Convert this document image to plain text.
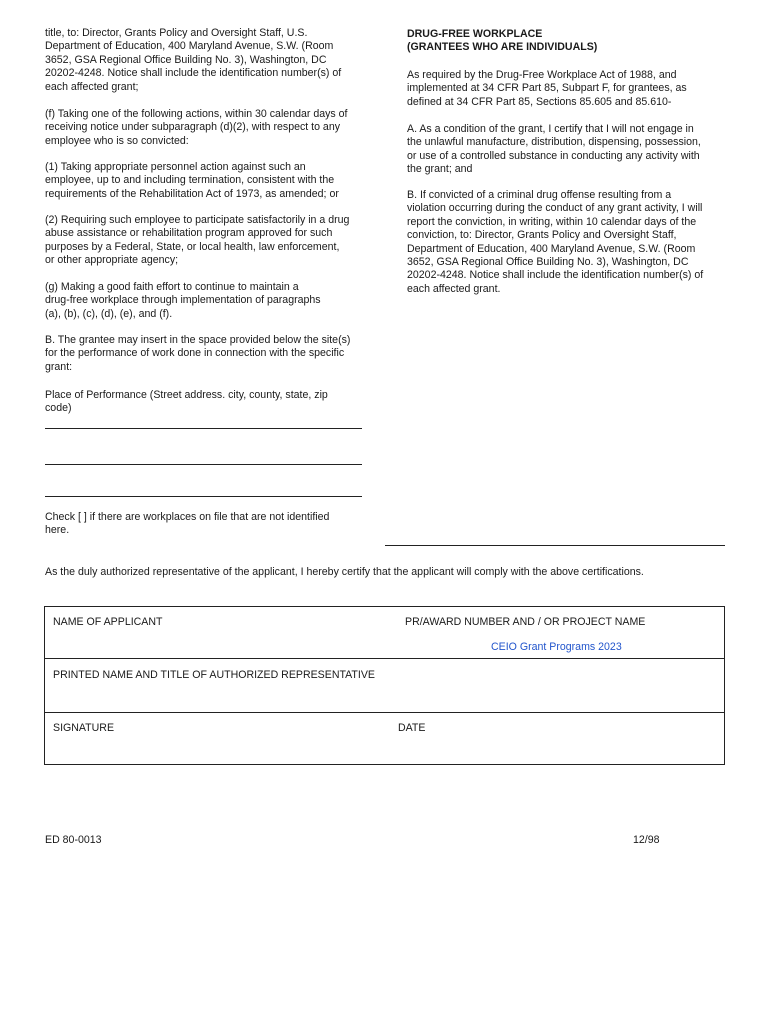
title, to: Director, Grants Policy and Oversight Staff, U.S.
Department of Education, 400 Maryland Avenue, S.W. (Room
3652, GSA Regional Office Building No. 3), Washington, DC
20202-4248. Notice shall include the identification number(s) of
each affected grant;

(f) Taking one of the following actions, within 30 calendar days of
receiving notice under subparagraph (d)(2), with respect to any
employee who is so convicted:

(1) Taking appropriate personnel action against such an
employee, up to and including termination, consistent with the
requirements of the Rehabilitation Act of 1973, as amended; or

(2) Requiring such employee to participate satisfactorily in a drug
abuse assistance or rehabilitation program approved for such
purposes by a Federal, State, or local health, law enforcement,
or other appropriate agency;

(g) Making a good faith effort to continue to maintain a
drug-free workplace through implementation of paragraphs
(a), (b), (c), (d), (e), and (f).

B. The grantee may insert in the space provided below the site(s)
for the performance of work done in connection with the specific
grant:

Place of Performance (Street address. city, county, state, zip
code)

Check [ ] if there are workplaces on file that are not identified
here.

DRUG-FREE WORKPLACE
(GRANTEES WHO ARE INDIVIDUALS)

As required by the Drug-Free Workplace Act of 1988, and
implemented at 34 CFR Part 85, Subpart F, for grantees, as
defined at 34 CFR Part 85, Sections 85.605 and 85.610-

A. As a condition of the grant, I certify that I will not engage in
the unlawful manufacture, distribution, dispensing, possession,
or use of a controlled substance in conducting any activity with
the grant; and

B. If convicted of a criminal drug offense resulting from a
violation occurring during the conduct of any grant activity, I will
report the conviction, in writing, within 10 calendar days of the
conviction, to: Director, Grants Policy and Oversight Staff,
Department of Education, 400 Maryland Avenue, S.W. (Room
3652, GSA Regional Office Building No. 3), Washington, DC
20202-4248. Notice shall include the identification number(s) of
each affected grant.

As the duly authorized representative of the applicant, I hereby certify that the applicant will comply with the above certifications.
NAME OF APPLICANT	PR/AWARD NUMBER AND / OR PROJECT NAME
CEIO Grant Programs 2023
PRINTED NAME AND TITLE OF AUTHORIZED REPRESENTATIVE
SIGNATURE	DATE
ED 80-0013	12/98
